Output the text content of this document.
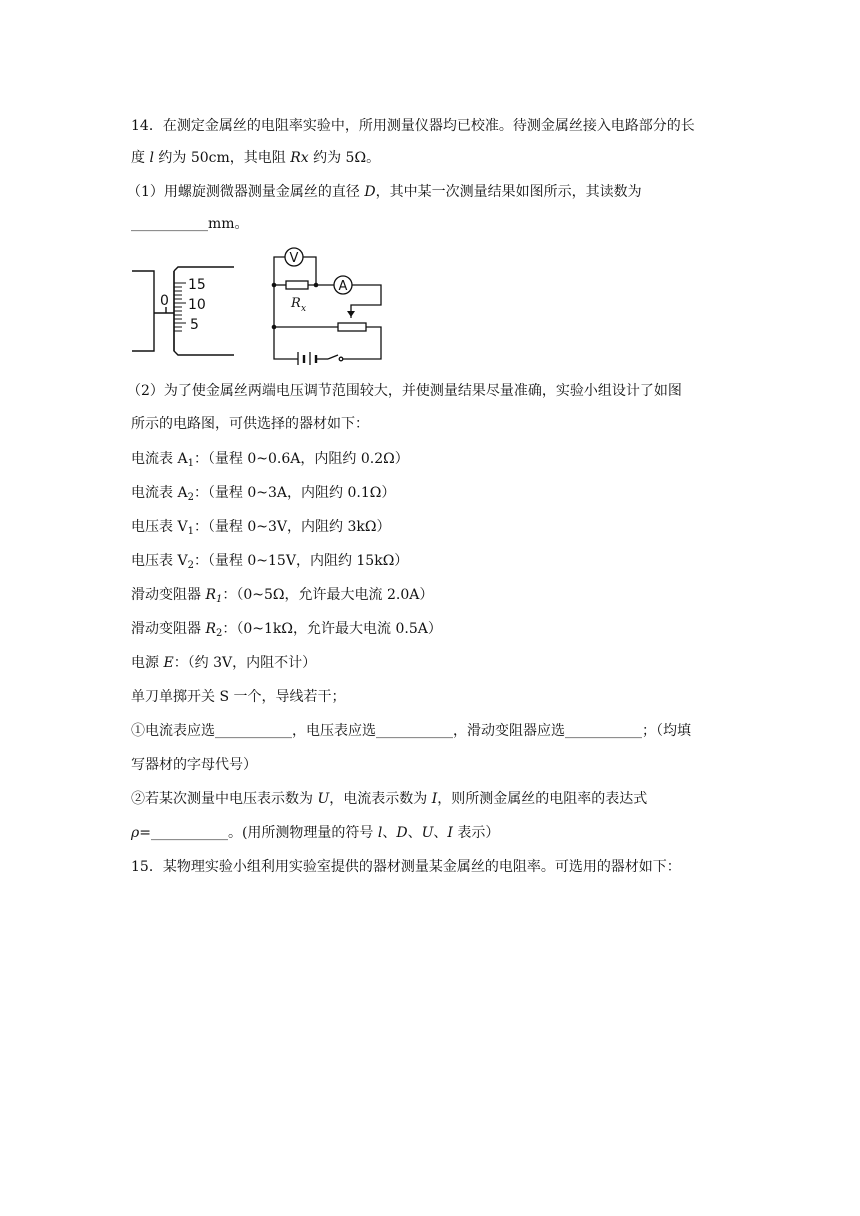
14．在测定金属丝的电阻率实验中，所用测量仪器均已校准。待测金属丝接入电路部分的长
度 l 约为 50cm，其电阻 Rx 约为 5Ω。
（1）用螺旋测微器测量金属丝的直径 D，其中某一次测量结果如图所示，其读数为
___________mm。
0
15
10
5
V
A
R x
（2）为了使金属丝两端电压调节范围较大，并使测量结果尽量准确，实验小组设计了如图
所示的电路图，可供选择的器材如下：
电流表 $A_1$：（量程 0~0.6A，内阻约 0.2Ω）
电流表 $A_2$：（量程 0~3A，内阻约 0.1Ω）
电压表 $V_1$：（量程 0~3V，内阻约 3kΩ）
电压表 $V_2$：（量程 0~15V，内阻约 15kΩ）
滑动变阻器 $R_1$：（0~5Ω，允许最大电流 2.0A）
滑动变阻器 $R_2$：（0~1kΩ，允许最大电流 0.5A）
电源 E：（约 3V，内阻不计）
单刀单掷开关 S 一个，导线若干；
①电流表应选___________，电压表应选___________，滑动变阻器应选___________；（均填
写器材的字母代号）
②若某次测量中电压表示数为 U，电流表示数为 I，则所测金属丝的电阻率的表达式
ρ=___________。(用所测物理量的符号 l、D、U、I 表示）
15．某物理实验小组利用实验室提供的器材测量某金属丝的电阻率。可选用的器材如下：
